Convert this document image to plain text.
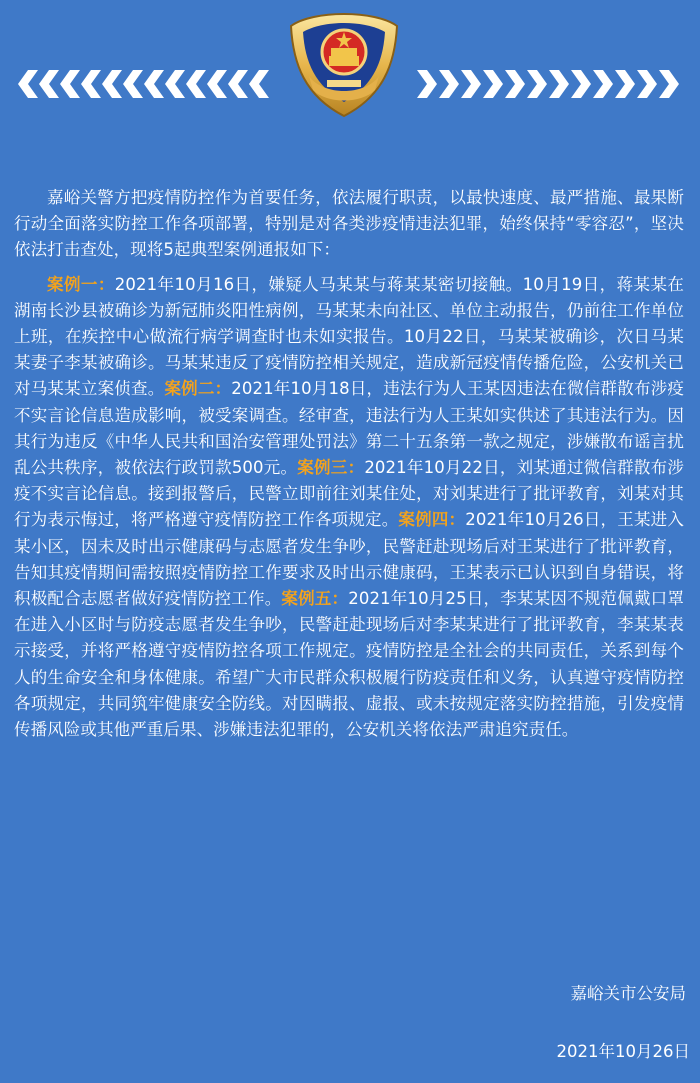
嘉峪关警方把疫情防控作为首要任务，依法履行职责，以最快速度、最严措施、最果断行动全面落实防控工作各项部署，特别是对各类涉疫情违法犯罪，始终保持“零容忍”，坚决依法打击查处，现将5起典型案例通报如下：

案例一：2021年10月16日，嫌疑人马某某与蒋某某密切接触。10月19日，蒋某某在湖南长沙县被确诊为新冠肺炎阳性病例，马某某未向社区、单位主动报告，仍前往工作单位上班，在疾控中心做流行病学调查时也未如实报告。10月22日，马某某被确诊，次日马某某妻子李某被确诊。马某某违反了疫情防控相关规定，造成新冠疫情传播危险，公安机关已对马某某立案侦查。案例二：2021年10月18日，违法行为人王某因违法在微信群散布涉疫不实言论信息造成影响，被受案调查。经审查，违法行为人王某如实供述了其违法行为。因其行为违反《中华人民共和国治安管理处罚法》第二十五条第一款之规定，涉嫌散布谣言扰乱公共秩序，被依法行政罚款500元。案例三：2021年10月22日，刘某通过微信群散布涉疫不实言论信息。接到报警后，民警立即前往刘某住处，对刘某进行了批评教育，刘某对其行为表示悔过，将严格遵守疫情防控工作各项规定。案例四：2021年10月26日，王某进入某小区，因未及时出示健康码与志愿者发生争吵，民警赶赴现场后对王某进行了批评教育，告知其疫情期间需按照疫情防控工作要求及时出示健康码，王某表示已认识到自身错误，将积极配合志愿者做好疫情防控工作。案例五：2021年10月25日，李某某因不规范佩戴口罩在进入小区时与防疫志愿者发生争吵，民警赶赴现场后对李某某进行了批评教育，李某某表示接受，并将严格遵守疫情防控各项工作规定。疫情防控是全社会的共同责任，关系到每个人的生命安全和身体健康。希望广大市民群众积极履行防疫责任和义务，认真遵守疫情防控各项规定，共同筑牢健康安全防线。对因瞒报、虚报、或未按规定落实防控措施，引发疫情传播风险或其他严重后果、涉嫌违法犯罪的，公安机关将依法严肃追究责任。

嘉峪关市公安局
2021年10月26日
